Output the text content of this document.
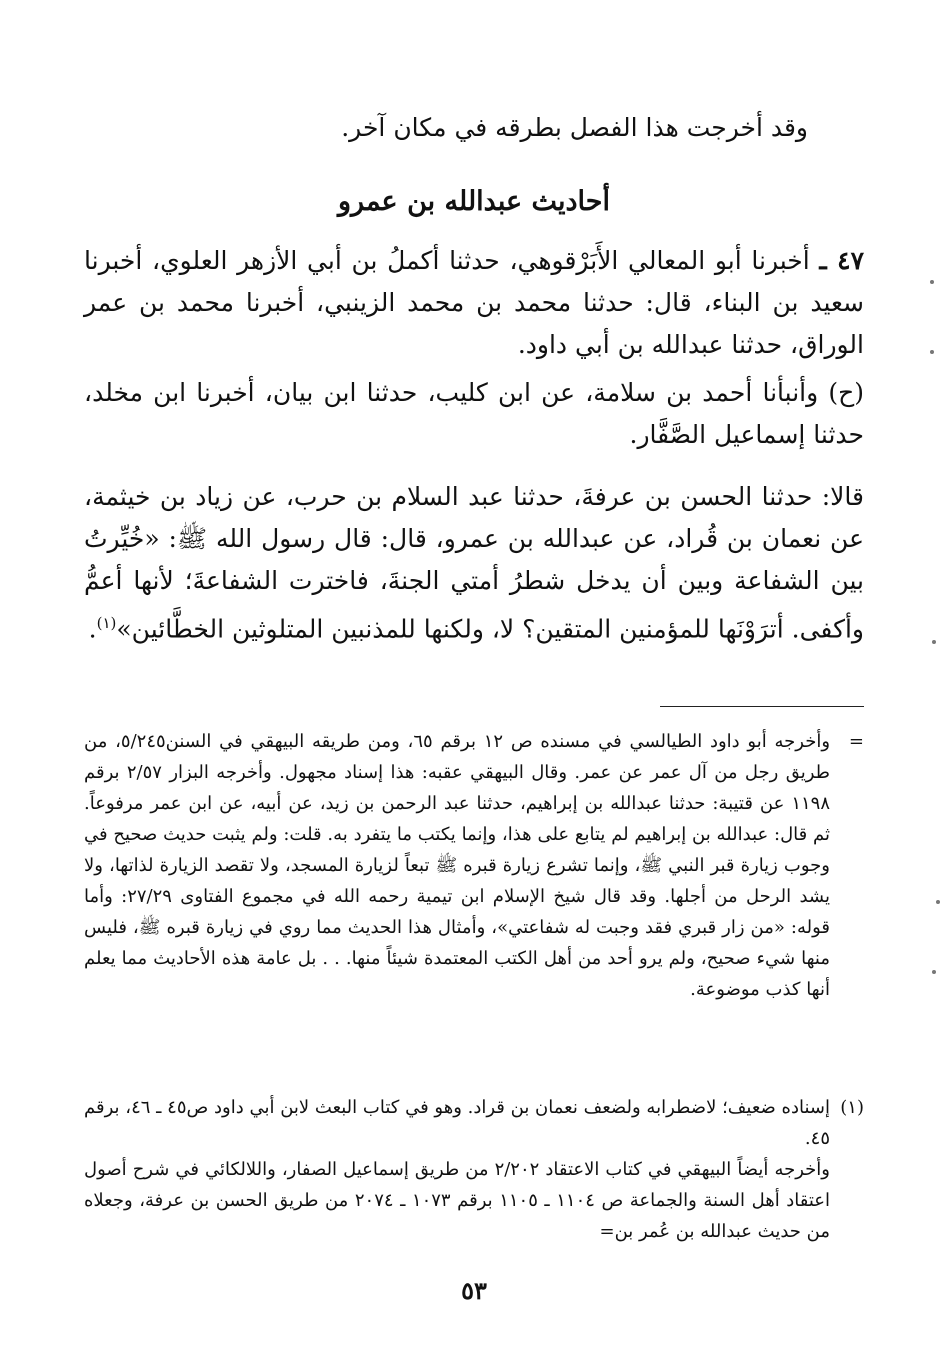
وقد أخرجت هذا الفصل بطرقه في مكان آخر.
أحاديث عبدالله بن عمرو
٤٧ ـ أخبرنا أبو المعالي الأَبَرْقوهي، حدثنا أكملُ بن أبي الأزهر العلوي، أخبرنا سعيد بن البناء، قال: حدثنا محمد بن محمد الزينبي، أخبرنا محمد بن عمر الوراق، حدثنا عبدالله بن أبي داود.
(ح) وأنبأنا أحمد بن سلامة، عن ابن كليب، حدثنا ابن بيان، أخبرنا ابن مخلد، حدثنا إسماعيل الصَّفَّار.
قالا: حدثنا الحسن بن عرفةَ، حدثنا عبد السلام بن حرب، عن زياد بن خيثمة، عن نعمان بن قُراد، عن عبدالله بن عمرو، قال: قال رسول الله ﷺ: «خُيِّرتُ بين الشفاعة وبين أن يدخل شطرُ أمتي الجنةَ، فاخترت الشفاعةَ؛ لأنها أعمُّ وأكفى. أترَوْنَها للمؤمنين المتقين؟ لا، ولكنها للمذنبين المتلوثين الخطَّائين»$^{(١)}$.
=
وأخرجه أبو داود الطيالسي في مسنده ص ١٢ برقم ٦٥، ومن طريقه البيهقي في السنن٥/٢٤٥، من طريق رجل من آل عمر عن عمر. وقال البيهقي عقبه: هذا إسناد مجهول. وأخرجه البزار ٢/٥٧ برقم ١١٩٨ عن قتيبة: حدثنا عبدالله بن إبراهيم، حدثنا عبد الرحمن بن زيد، عن أبيه، عن ابن عمر مرفوعاً. ثم قال: عبدالله بن إبراهيم لم يتابع على هذا، وإنما يكتب ما يتفرد به. قلت: ولم يثبت حديث صحيح في وجوب زيارة قبر النبي ﷺ، وإنما تشرع زيارة قبره ﷺ تبعاً لزيارة المسجد، ولا تقصد الزيارة لذاتها، ولا يشد الرحل من أجلها. وقد قال شيخ الإسلام ابن تيمية رحمه الله في مجموع الفتاوى ٢٧/٢٩: وأما قوله: «من زار قبري فقد وجبت له شفاعتي»، وأمثال هذا الحديث مما روي في زيارة قبره ﷺ، فليس منها شيء صحيح، ولم يرو أحد من أهل الكتب المعتمدة شيئاً منها. . . بل عامة هذه الأحاديث مما يعلم أنها كذب موضوعة.
(١)
إسناده ضعيف؛ لاضطرابه ولضعف نعمان بن قراد. وهو في كتاب البعث لابن أبي داود ص٤٥ ـ ٤٦، برقم ٤٥.
وأخرجه أيضاً البيهقي في كتاب الاعتقاد ٢/٢٠٢ من طريق إسماعيل الصفار، واللالكائي في شرح أصول اعتقاد أهل السنة والجماعة ص ١١٠٤ ـ ١١٠٥ برقم ١٠٧٣ ـ ٢٠٧٤ من طريق الحسن بن عرفة، وجعلاه من حديث عبدالله بن عُمر بن=
٥٣
